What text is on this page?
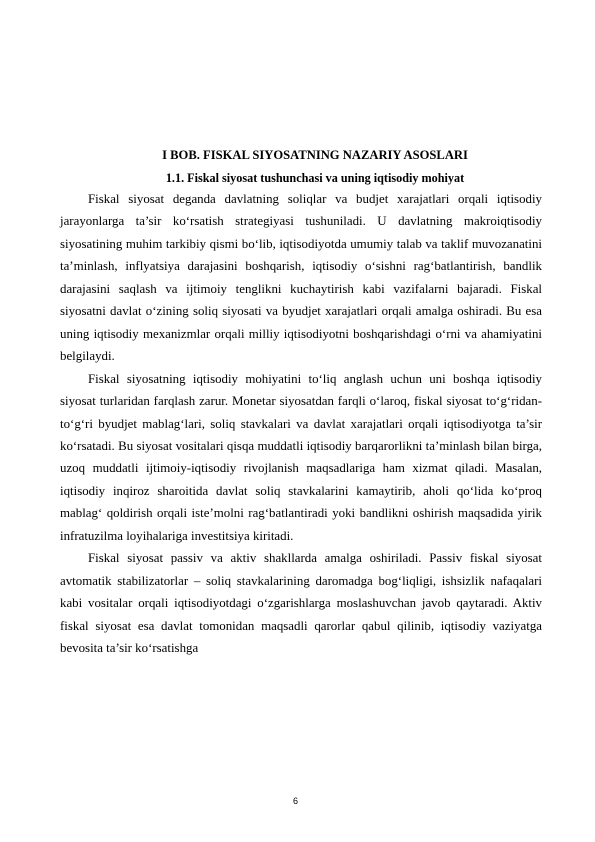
I BOB. FISKAL SIYOSATNING NAZARIY ASOSLARI
1.1. Fiskal siyosat tushunchasi va uning iqtisodiy mohiyat

Fiskal siyosat deganda davlatning soliqlar va budjet xarajatlari orqali iqtisodiy jarayonlarga ta’sir ko‘rsatish strategiyasi tushuniladi. U davlatning makroiqtisodiy siyosatining muhim tarkibiy qismi bo‘lib, iqtisodiyotda umumiy talab va taklif muvozanatini ta’minlash, inflyatsiya darajasini boshqarish, iqtisodiy o‘sishni rag‘batlantirish, bandlik darajasini saqlash va ijtimoiy tenglikni kuchaytirish kabi vazifalarni bajaradi. Fiskal siyosatni davlat o‘zining soliq siyosati va byudjet xarajatlari orqali amalga oshiradi. Bu esa uning iqtisodiy mexanizmlar orqali milliy iqtisodiyotni boshqarishdagi o‘rni va ahamiyatini belgilaydi.

Fiskal siyosatning iqtisodiy mohiyatini to‘liq anglash uchun uni boshqa iqtisodiy siyosat turlaridan farqlash zarur. Monetar siyosatdan farqli o‘laroq, fiskal siyosat to‘g‘ridan-to‘g‘ri byudjet mablag‘lari, soliq stavkalari va davlat xarajatlari orqali iqtisodiyotga ta’sir ko‘rsatadi. Bu siyosat vositalari qisqa muddatli iqtisodiy barqarorlikni ta’minlash bilan birga, uzoq muddatli ijtimoiy-iqtisodiy rivojlanish maqsadlariga ham xizmat qiladi. Masalan, iqtisodiy inqiroz sharoitida davlat soliq stavkalarini kamaytirib, aholi qo‘lida ko‘proq mablag‘ qoldirish orqali iste’molni rag‘batlantiradi yoki bandlikni oshirish maqsadida yirik infratuzilma loyihalariga investitsiya kiritadi.

Fiskal siyosat passiv va aktiv shakllarda amalga oshiriladi. Passiv fiskal siyosat avtomatik stabilizatorlar – soliq stavkalarining daromadga bog‘liqligi, ishsizlik nafaqalari kabi vositalar orqali iqtisodiyotdagi o‘zgarishlarga moslashuvchan javob qaytaradi. Aktiv fiskal siyosat esa davlat tomonidan maqsadli qarorlar qabul qilinib, iqtisodiy vaziyatga bevosita ta’sir ko‘rsatishga

6
